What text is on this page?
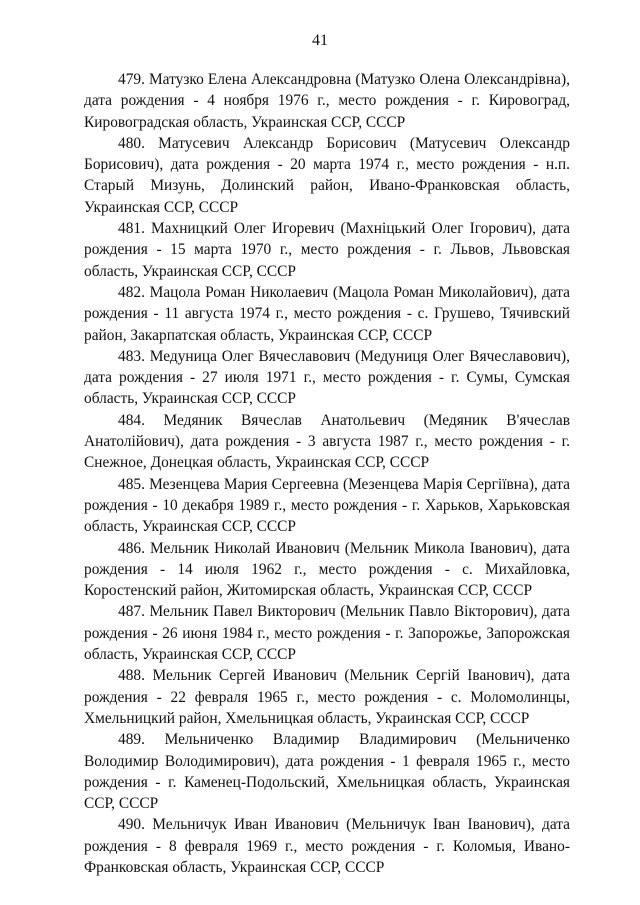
41

479. Матузко Елена Александровна (Матузко Олена Олександрівна), дата рождения - 4 ноября 1976 г., место рождения - г. Кировоград, Кировоградская область, Украинская ССР, СССР

480. Матусевич Александр Борисович (Матусевич Олександр Борисович), дата рождения - 20 марта 1974 г., место рождения - н.п. Старый Мизунь, Долинский район, Ивано-Франковская область, Украинская ССР, СССР

481. Махницкий Олег Игоревич (Махніцький Олег Ігорович), дата рождения - 15 марта 1970 г., место рождения - г. Львов, Львовская область, Украинская ССР, СССР

482. Мацола Роман Николаевич (Мацола Роман Миколайович), дата рождения - 11 августа 1974 г., место рождения - с. Грушево, Тячивский район, Закарпатская область, Украинская ССР, СССР

483. Медуница Олег Вячеславович (Медуниця Олег Вячеславович), дата рождения - 27 июля 1971 г., место рождения - г. Сумы, Сумская область, Украинская ССР, СССР

484. Медяник Вячеслав Анатольевич (Медяник В'ячеслав Анатолійович), дата рождения - 3 августа 1987 г., место рождения - г. Снежное, Донецкая область, Украинская ССР, СССР

485. Мезенцева Мария Сергеевна (Мезенцева Марія Сергіївна), дата рождения - 10 декабря 1989 г., место рождения - г. Харьков, Харьковская область, Украинская ССР, СССР

486. Мельник Николай Иванович (Мельник Микола Іванович), дата рождения - 14 июля 1962 г., место рождения - с. Михайловка, Коростенский район, Житомирская область, Украинская ССР, СССР

487. Мельник Павел Викторович (Мельник Павло Вікторович), дата рождения - 26 июня 1984 г., место рождения - г. Запорожье, Запорожская область, Украинская ССР, СССР

488. Мельник Сергей Иванович (Мельник Сергій Іванович), дата рождения - 22 февраля 1965 г., место рождения - с. Моломолинцы, Хмельницкий район, Хмельницкая область, Украинская ССР, СССР

489. Мельниченко Владимир Владимирович (Мельниченко Володимир Володимирович), дата рождения - 1 февраля 1965 г., место рождения - г. Каменец-Подольский, Хмельницкая область, Украинская ССР, СССР

490. Мельничук Иван Иванович (Мельничук Іван Іванович), дата рождения - 8 февраля 1969 г., место рождения - г. Коломыя, Ивано-Франковская область, Украинская ССР, СССР
